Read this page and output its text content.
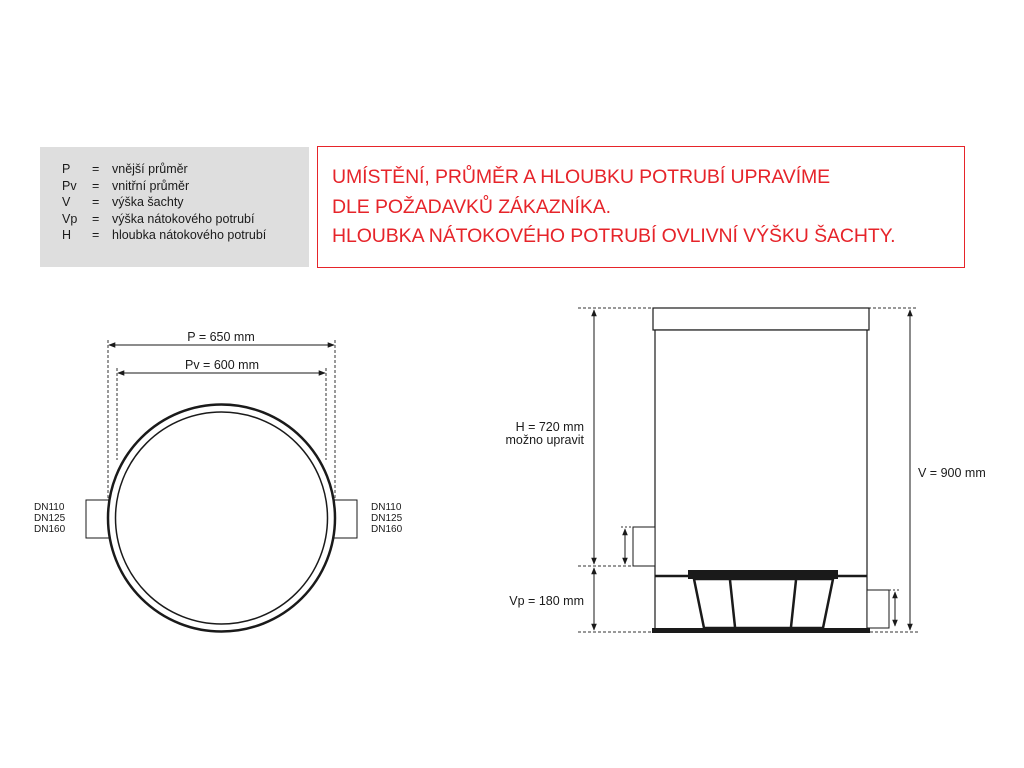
P	=	vnější průměr
Pv	=	vnitřní průměr
V	=	výška šachty
Vp	=	výška nátokového potrubí
H	=	hloubka nátokového potrubí
UMÍSTĚNÍ, PRŮMĚR A HLOUBKU POTRUBÍ UPRAVÍME
DLE POŽADAVKŮ ZÁKAZNÍKA.
HLOUBKA NÁTOKOVÉHO POTRUBÍ OVLIVNÍ VÝŠKU ŠACHTY.
P = 650 mm
Pv = 600 mm
DN110
DN125
DN160
DN110
DN125
DN160
H = 720 mm
možno upravit
Vp = 180 mm
V = 900 mm
